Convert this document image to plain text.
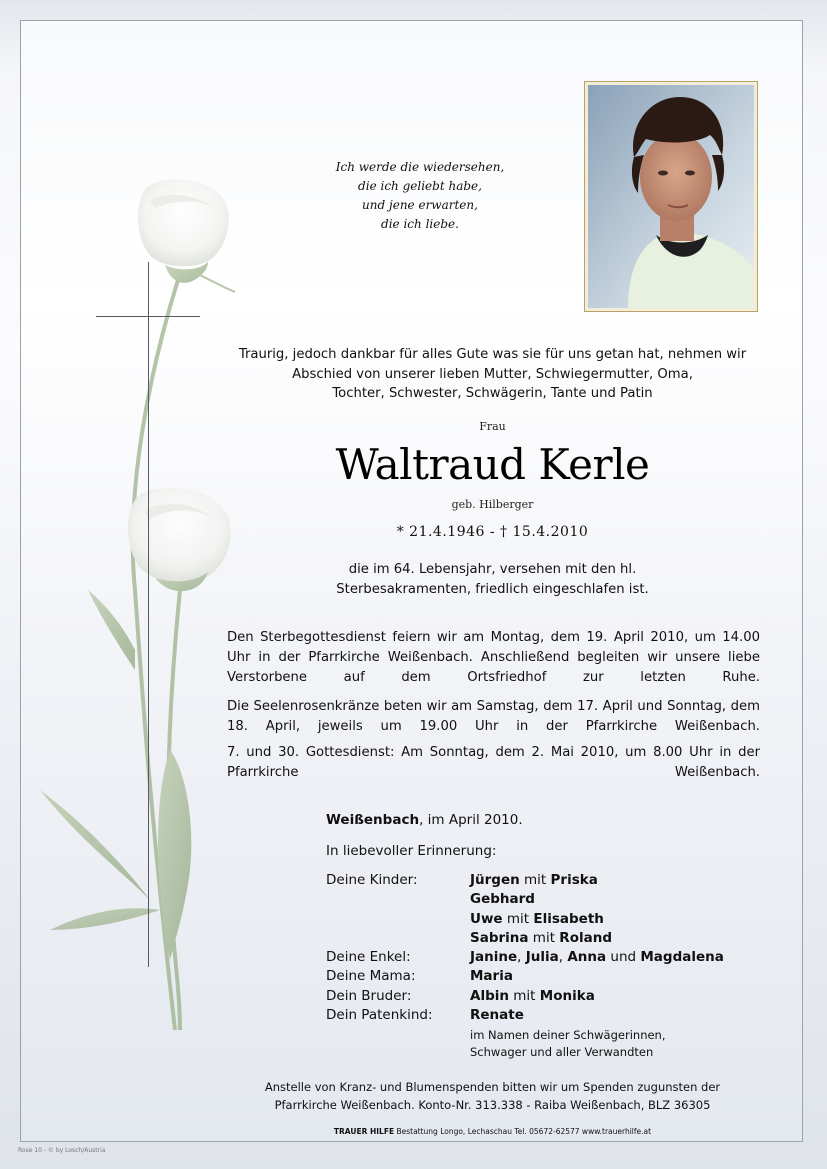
Ich werde die wiedersehen,
die ich geliebt habe,
und jene erwarten,
die ich liebe.
Traurig, jedoch dankbar für alles Gute was sie für uns getan hat, nehmen wir
Abschied von unserer lieben Mutter, Schwiegermutter, Oma,
Tochter, Schwester, Schwägerin, Tante und Patin
Frau
Waltraud Kerle
geb. Hilberger
* 21.4.1946 - † 15.4.2010
die im 64. Lebensjahr, versehen mit den hl.
Sterbesakramenten, friedlich eingeschlafen ist.
Den Sterbegottesdienst feiern wir am Montag, dem 19. April 2010, um 14.00 Uhr in der Pfarrkirche Weißenbach. Anschließend begleiten wir unsere liebe Verstorbene auf dem Ortsfriedhof zur letzten Ruhe.
Die Seelenrosenkränze beten wir am Samstag, dem 17. April und Sonntag, dem 18. April, jeweils um 19.00 Uhr in der Pfarrkirche Weißenbach.
7. und 30. Gottesdienst: Am Sonntag, dem 2. Mai 2010, um 8.00 Uhr in der Pfarrkirche Weißenbach.
Weißenbach, im April 2010.
In liebevoller Erinnerung:
Deine Kinder:	Jürgen mit Priska
Gebhard
Uwe mit Elisabeth
Sabrina mit Roland
Deine Enkel:	Janine, Julia, Anna und Magdalena
Deine Mama:	Maria
Dein Bruder:	Albin mit Monika
Dein Patenkind:	Renate
im Namen deiner Schwägerinnen,
Schwager und aller Verwandten
Anstelle von Kranz- und Blumenspenden bitten wir um Spenden zugunsten der
Pfarrkirche Weißenbach. Konto-Nr. 313.338 - Raiba Weißenbach, BLZ 36305
TRAUER HILFE Bestattung Longo, Lechaschau Tel. 05672-62577 www.trauerhilfe.at
Rose 10 - © by Losch/Austria
